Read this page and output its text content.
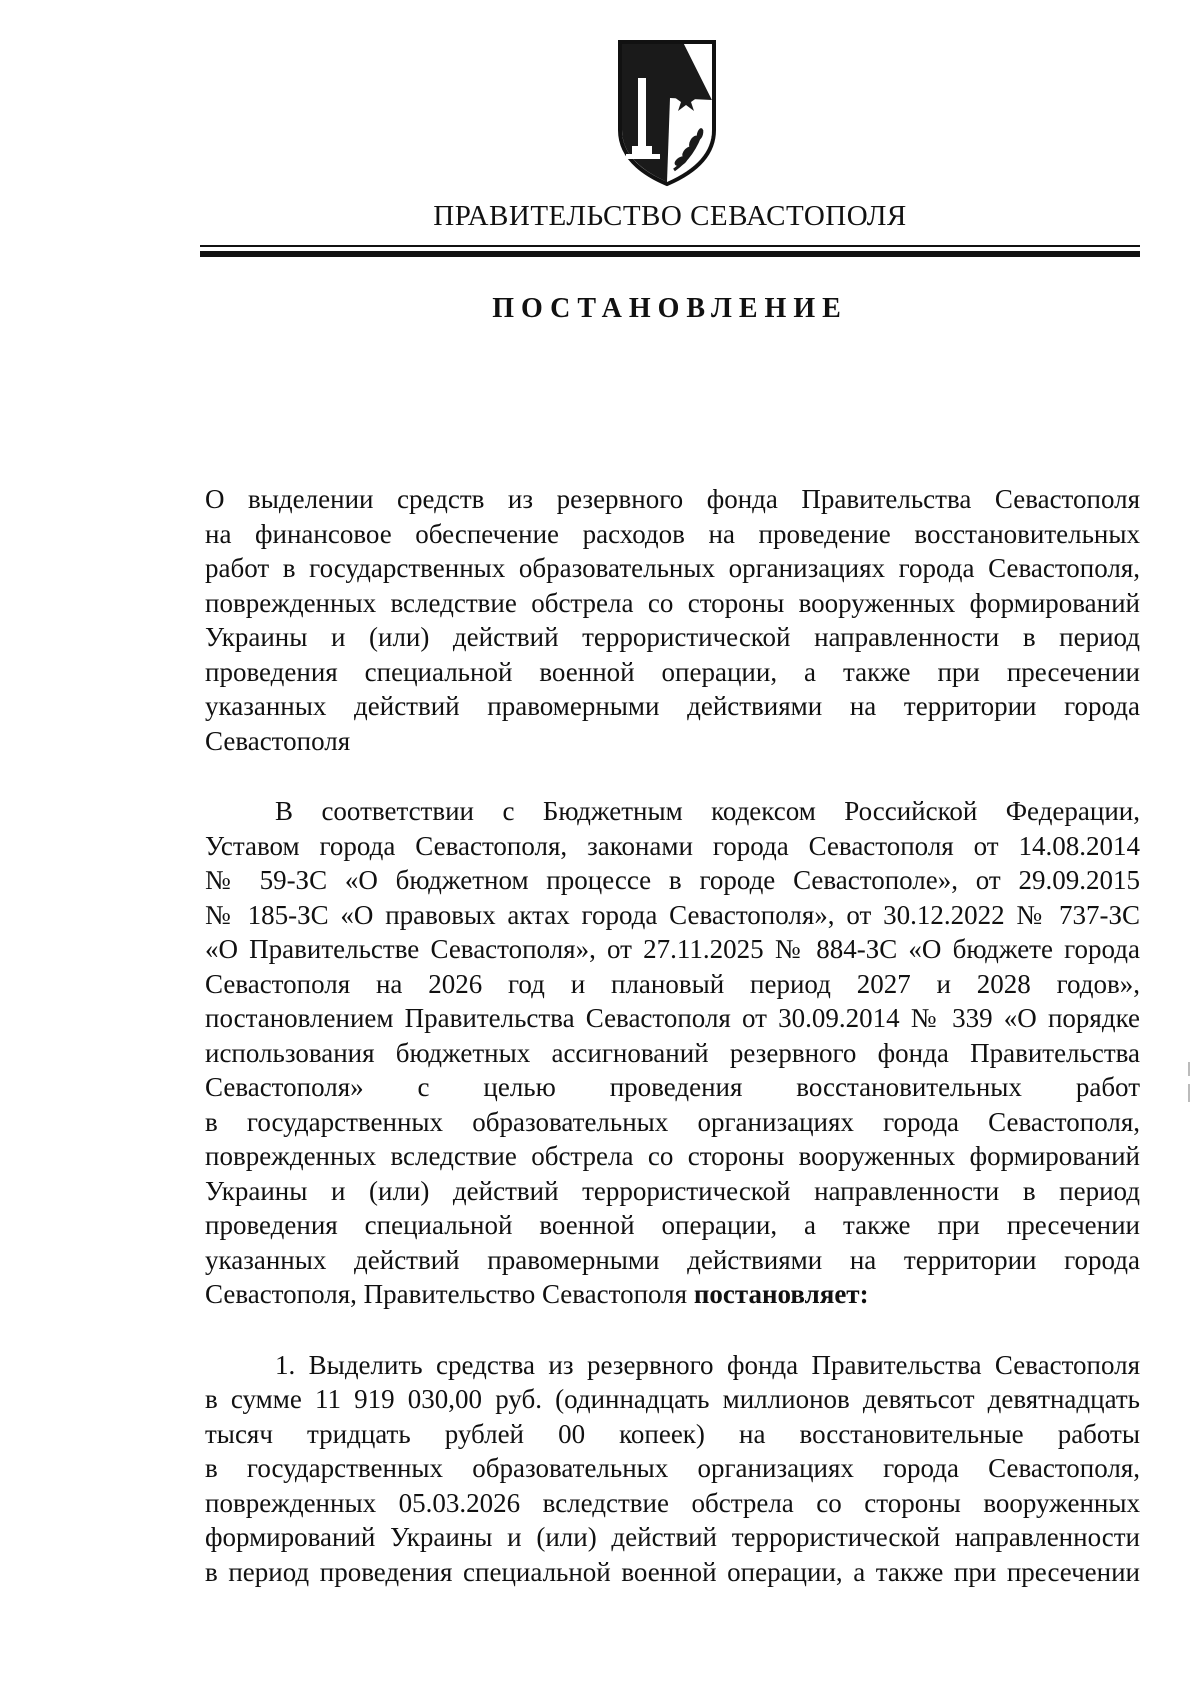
ПРАВИТЕЛЬСТВО СЕВАСТОПОЛЯ
ПОСТАНОВЛЕНИЕ
О выделении средств из резервного фонда Правительства Севастополя
на финансовое обеспечение расходов на проведение восстановительных
работ в государственных образовательных организациях города Севастополя,
поврежденных вследствие обстрела со стороны вооруженных формирований
Украины и (или) действий террористической направленности в период
проведения специальной военной операции, а также при пресечении
указанных действий правомерными действиями на территории города
Севастополя
В соответствии с Бюджетным кодексом Российской Федерации,
Уставом города Севастополя, законами города Севастополя от 14.08.2014
№ 59-ЗС «О бюджетном процессе в городе Севастополе», от 29.09.2015
№ 185-ЗС «О правовых актах города Севастополя», от 30.12.2022 № 737-ЗС
«О Правительстве Севастополя», от 27.11.2025 № 884-ЗС «О бюджете города
Севастополя на 2026 год и плановый период 2027 и 2028 годов»,
постановлением Правительства Севастополя от 30.09.2014 № 339 «О порядке
использования бюджетных ассигнований резервного фонда Правительства
Севастополя» с целью проведения восстановительных работ
в государственных образовательных организациях города Севастополя,
поврежденных вследствие обстрела со стороны вооруженных формирований
Украины и (или) действий террористической направленности в период
проведения специальной военной операции, а также при пресечении
указанных действий правомерными действиями на территории города
Севастополя, Правительство Севастополя постановляет:
1. Выделить средства из резервного фонда Правительства Севастополя
в сумме 11 919 030,00 руб. (одиннадцать миллионов девятьсот девятнадцать
тысяч тридцать рублей 00 копеек) на восстановительные работы
в государственных образовательных организациях города Севастополя,
поврежденных 05.03.2026 вследствие обстрела со стороны вооруженных
формирований Украины и (или) действий террористической направленности
в период проведения специальной военной операции, а также при пресечении
